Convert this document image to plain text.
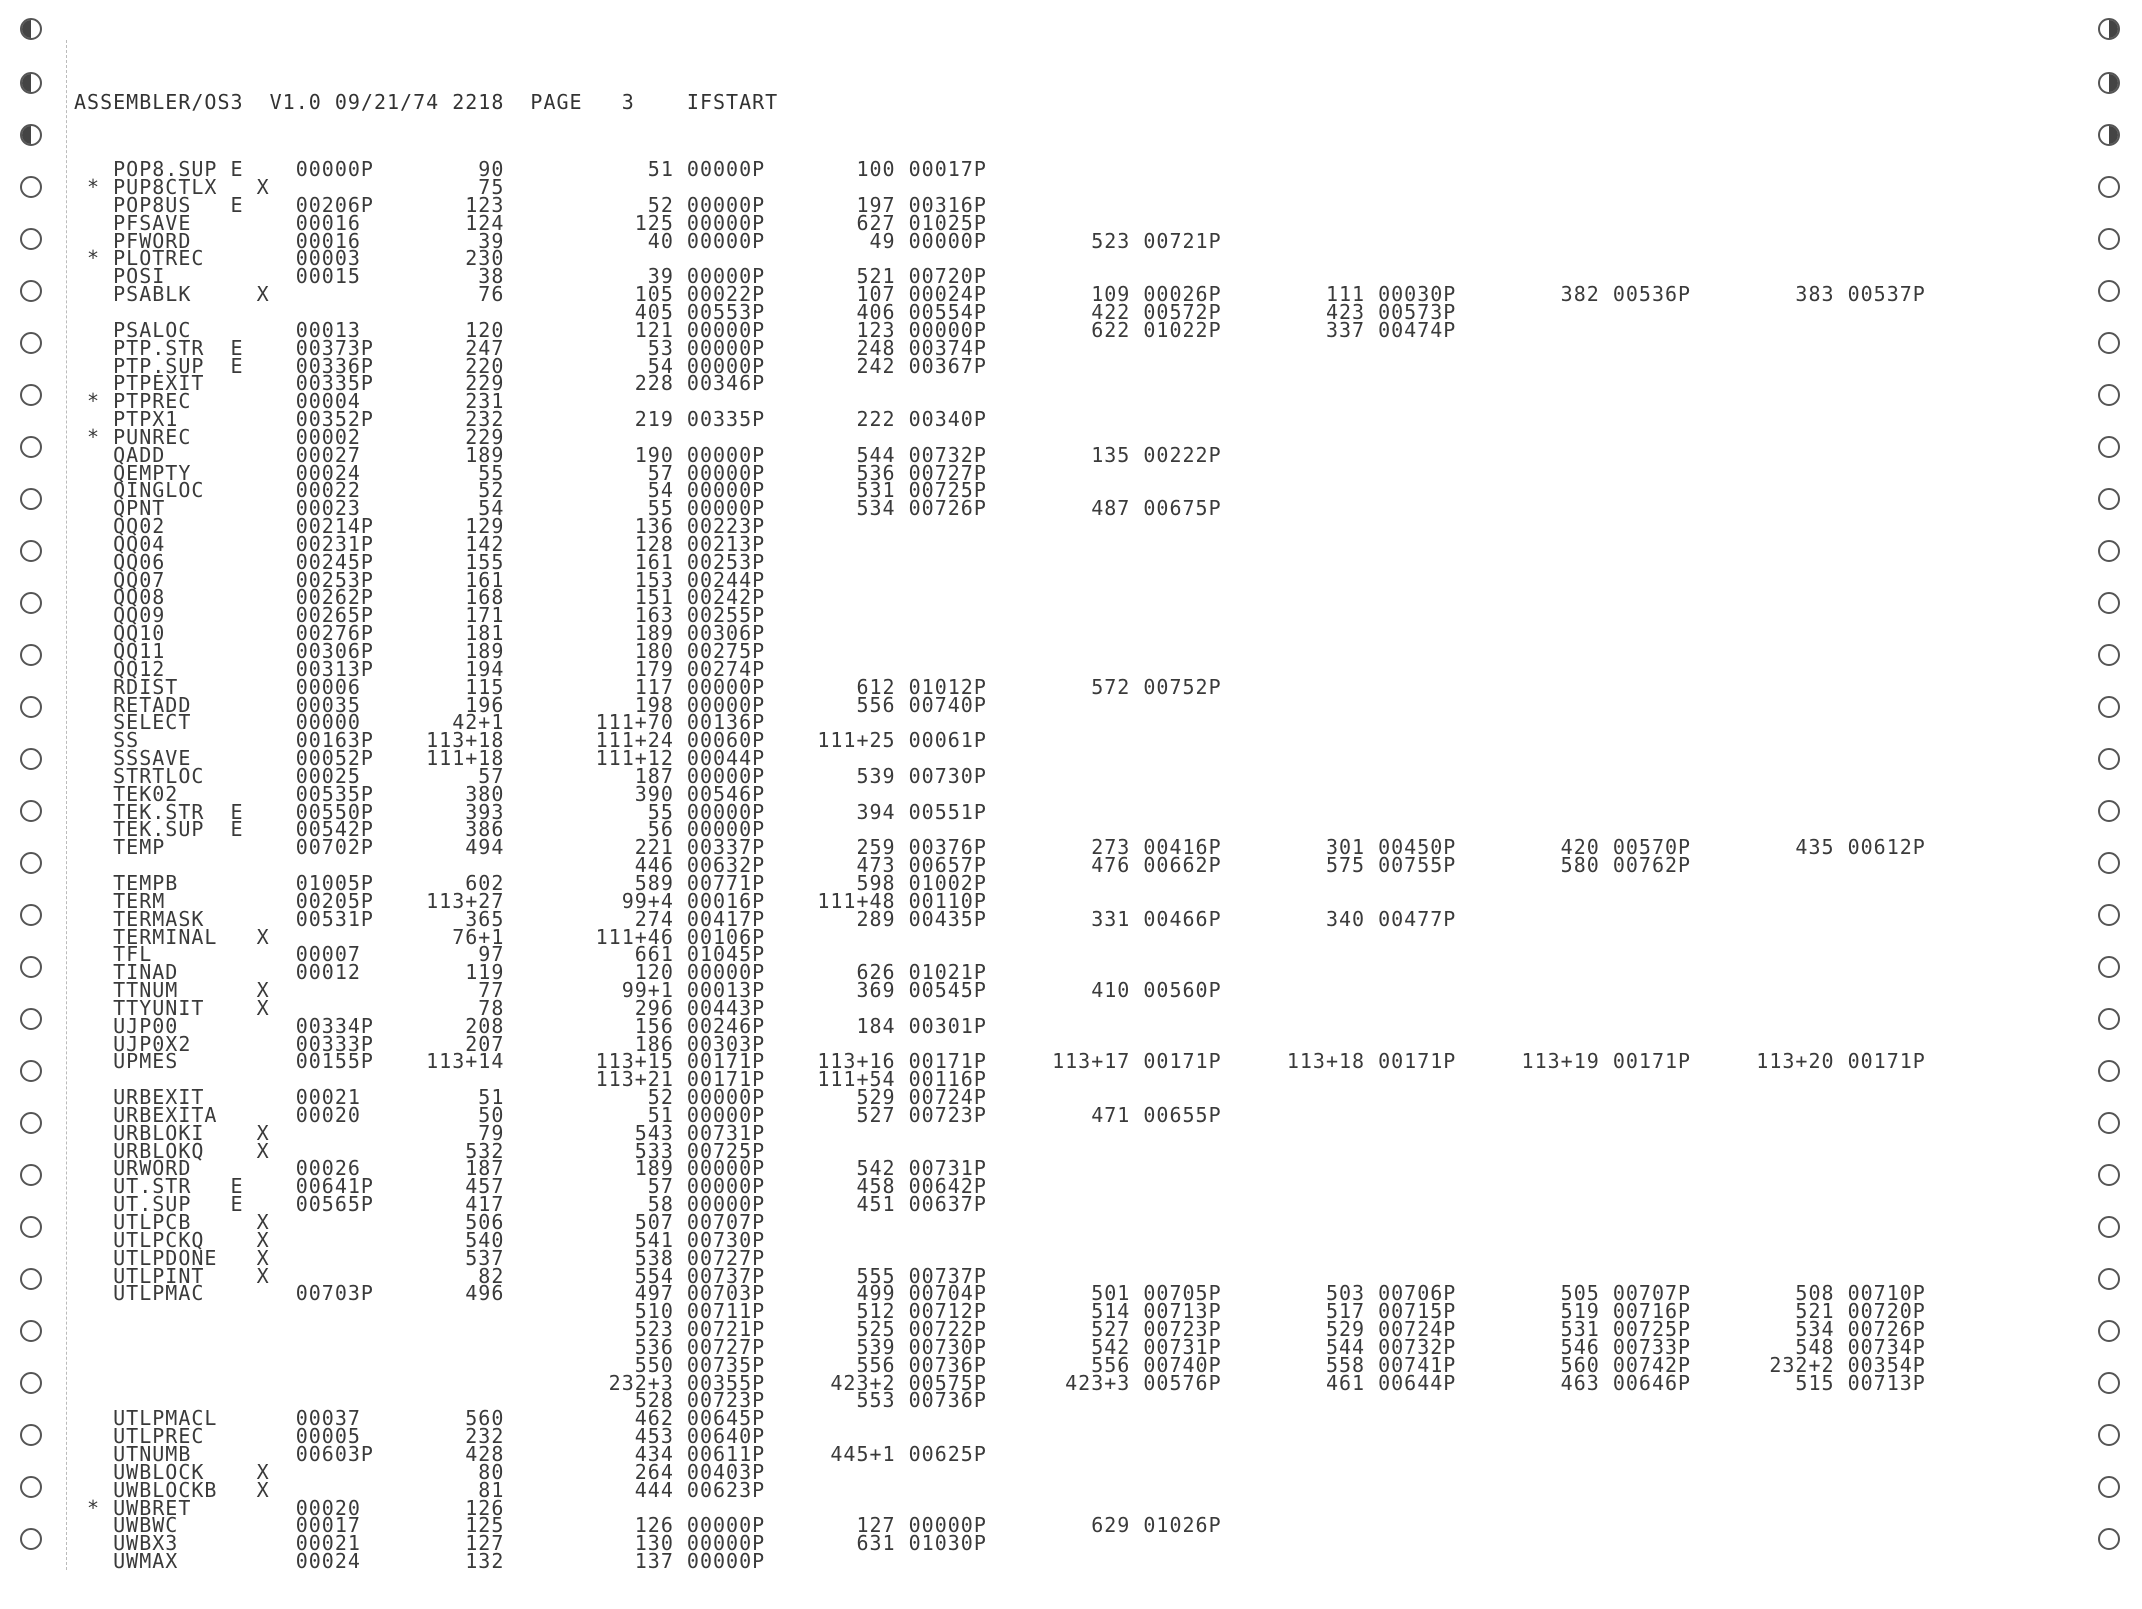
ASSEMBLER/OS3  V1.0 09/21/74 2218  PAGE   3    IFSTART

POP8.SUP E    00000P        90           51 00000P       100 00017P
* PUP8CTLX   X                75
POP8US   E    00206P       123           52 00000P       197 00316P
PFSAVE        00016        124          125 00000P       627 01025P
PFWORD        00016         39           40 00000P        49 00000P        523 00721P
* PLOTREC       00003        230
POSI          00015         38           39 00000P       521 00720P
PSABLK     X                76          105 00022P       107 00024P        109 00026P        111 00030P        382 00536P        383 00537P
405 00553P       406 00554P        422 00572P        423 00573P
PSALOC        00013        120          121 00000P       123 00000P        622 01022P        337 00474P
PTP.STR  E    00373P       247           53 00000P       248 00374P
PTP.SUP  E    00336P       220           54 00000P       242 00367P
PTPEXIT       00335P       229          228 00346P
* PTPREC        00004        231
PTPX1         00352P       232          219 00335P       222 00340P
* PUNREC        00002        229
QADD          00027        189          190 00000P       544 00732P        135 00222P
QEMPTY        00024         55           57 00000P       536 00727P
QINGLOC       00022         52           54 00000P       531 00725P
QPNT          00023         54           55 00000P       534 00726P        487 00675P
QQ02          00214P       129          136 00223P
QQ04          00231P       142          128 00213P
QQ06          00245P       155          161 00253P
QQ07          00253P       161          153 00244P
QQ08          00262P       168          151 00242P
QQ09          00265P       171          163 00255P
QQ10          00276P       181          189 00306P
QQ11          00306P       189          180 00275P
QQ12          00313P       194          179 00274P
RDIST         00006        115          117 00000P       612 01012P        572 00752P
RETADD        00035        196          198 00000P       556 00740P
SELECT        00000       42+1       111+70 00136P
SS            00163P    113+18       111+24 00060P    111+25 00061P
SSSAVE        00052P    111+18       111+12 00044P
STRTLOC       00025         57          187 00000P       539 00730P
TEK02         00535P       380          390 00546P
TEK.STR  E    00550P       393           55 00000P       394 00551P
TEK.SUP  E    00542P       386           56 00000P
TEMP          00702P       494          221 00337P       259 00376P        273 00416P        301 00450P        420 00570P        435 00612P
446 00632P       473 00657P        476 00662P        575 00755P        580 00762P
TEMPB         01005P       602          589 00771P       598 01002P
TERM          00205P    113+27         99+4 00016P    111+48 00110P
TERMASK       00531P       365          274 00417P       289 00435P        331 00466P        340 00477P
TERMINAL   X              76+1       111+46 00106P
TFL           00007         97          661 01045P
TINAD         00012        119          120 00000P       626 01021P
TTNUM      X                77         99+1 00013P       369 00545P        410 00560P
TTYUNIT    X                78          296 00443P
UJP00         00334P       208          156 00246P       184 00301P
UJP0X2        00333P       207          186 00303P
UPMES         00155P    113+14       113+15 00171P    113+16 00171P     113+17 00171P     113+18 00171P     113+19 00171P     113+20 00171P
113+21 00171P    111+54 00116P
URBEXIT       00021         51           52 00000P       529 00724P
URBEXITA      00020         50           51 00000P       527 00723P        471 00655P
URBLOKI    X                79          543 00731P
URBLOKQ    X               532          533 00725P
URWORD        00026        187          189 00000P       542 00731P
UT.STR   E    00641P       457           57 00000P       458 00642P
UT.SUP   E    00565P       417           58 00000P       451 00637P
UTLPCB     X               506          507 00707P
UTLPCKQ    X               540          541 00730P
UTLPDONE   X               537          538 00727P
UTLPINT    X                82          554 00737P       555 00737P
UTLPMAC       00703P       496          497 00703P       499 00704P        501 00705P        503 00706P        505 00707P        508 00710P
510 00711P       512 00712P        514 00713P        517 00715P        519 00716P        521 00720P
523 00721P       525 00722P        527 00723P        529 00724P        531 00725P        534 00726P
536 00727P       539 00730P        542 00731P        544 00732P        546 00733P        548 00734P
550 00735P       556 00736P        556 00740P        558 00741P        560 00742P      232+2 00354P
232+3 00355P     423+2 00575P      423+3 00576P        461 00644P        463 00646P        515 00713P
528 00723P       553 00736P
UTLPMACL      00037        560          462 00645P
UTLPREC       00005        232          453 00640P
UTNUMB        00603P       428          434 00611P     445+1 00625P
UWBLOCK    X                80          264 00403P
UWBLOCKB   X                81          444 00623P
* UWBRET        00020        126
UWBWC         00017        125          126 00000P       127 00000P        629 01026P
UWBX3         00021        127          130 00000P       631 01030P
UWMAX         00024        132          137 00000P
